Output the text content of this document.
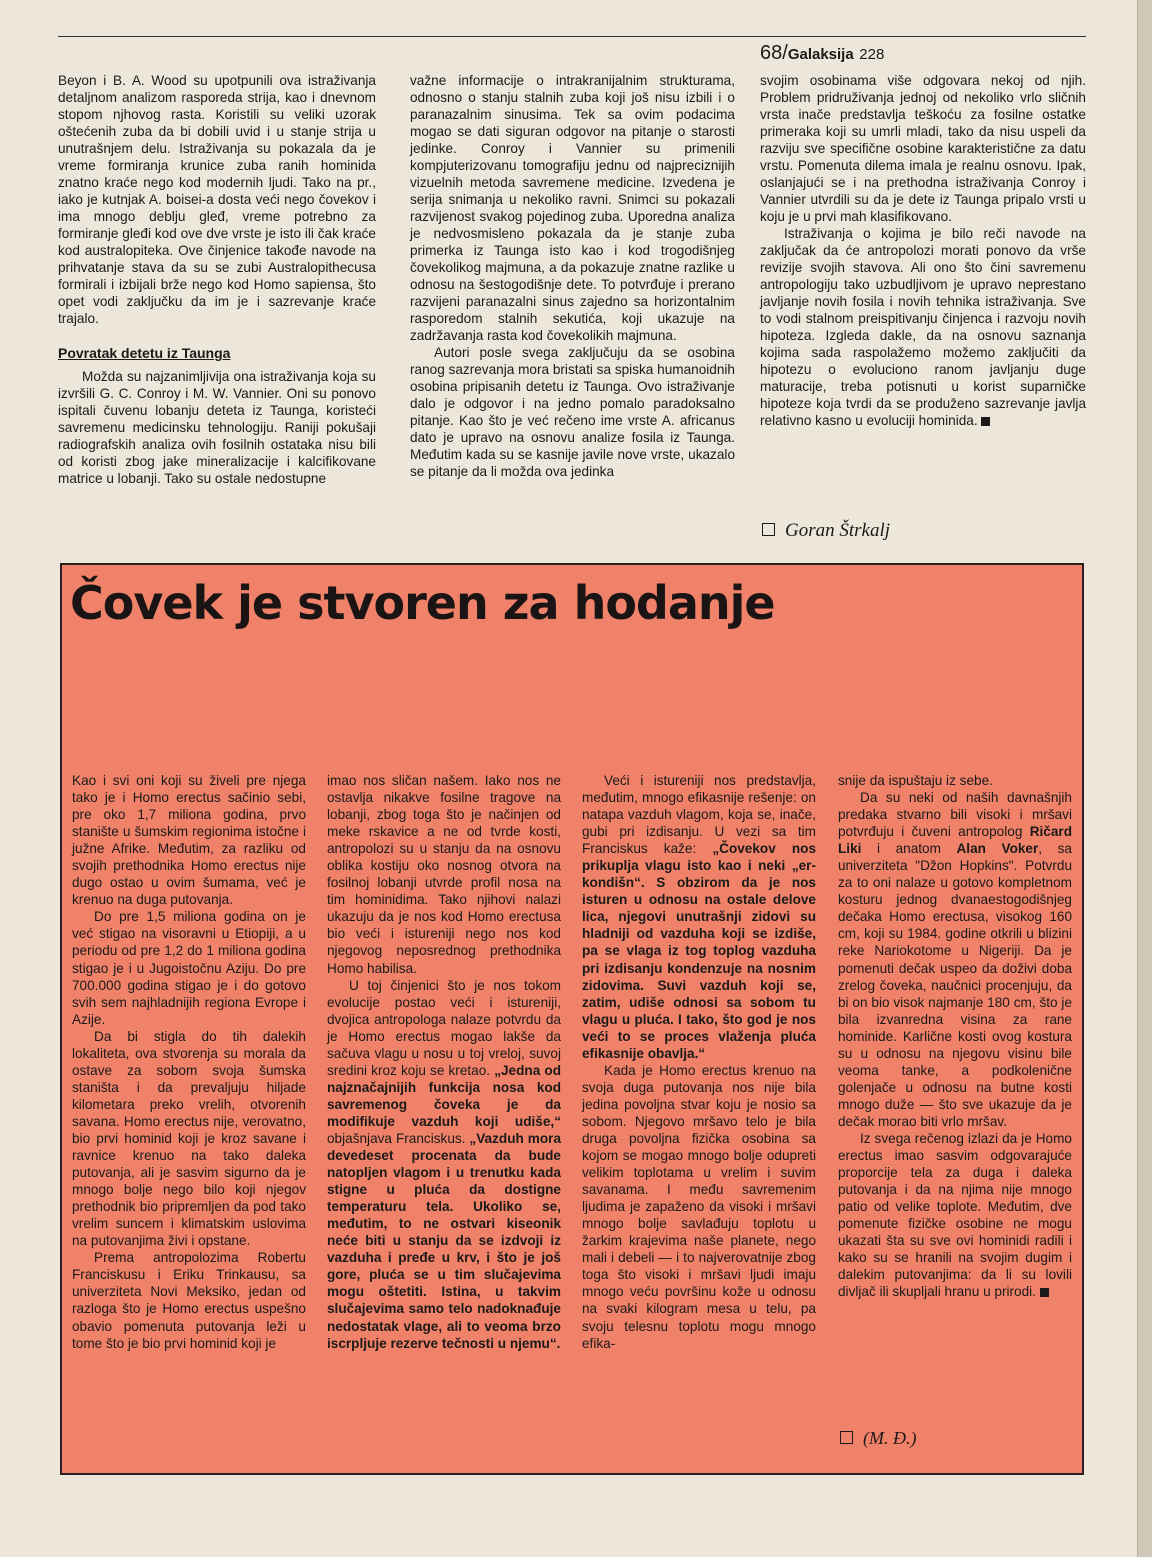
68/Galaksija 228

Beyon i B. A. Wood su upotpunili ova istraživanja detaljnom analizom rasporeda strija, kao i dnevnom stopom njhovog rasta. Koristili su veliki uzorak oštećenih zuba da bi dobili uvid i u stanje strija u unutrašnjem delu. Istraživanja su pokazala da je vreme formiranja krunice zuba ranih hominida znatno kraće nego kod modernih ljudi. Tako na pr., iako je kutnjak A. boisei-a dosta veći nego čovekov i ima mnogo deblju gleđ, vreme potrebno za formiranje gleđi kod ove dve vrste je isto ili čak kraće kod australopiteka. Ove činjenice takođe navode na prihvatanje stava da su se zubi Australopithecusa formirali i izbijali brže nego kod Homo sapiensa, što opet vodi zaključku da im je i sazrevanje kraće trajalo.

Povratak detetu iz Taunga

Možda su najzanimljivija ona istraživanja koja su izvršili G. C. Conroy i M. W. Vannier. Oni su ponovo ispitali čuvenu lobanju deteta iz Taunga, koristeći savremenu medicinsku tehnologiju. Raniji pokušaji radiografskih analiza ovih fosilnih ostataka nisu bili od koristi zbog jake mineralizacije i kalcifikovane matrice u lobanji. Tako su ostale nedostupne

važne informacije o intrakranijalnim strukturama, odnosno o stanju stalnih zuba koji još nisu izbili i o paranazalnim sinusima. Tek sa ovim podacima mogao se dati siguran odgovor na pitanje o starosti jedinke. Conroy i Vannier su primenili kompjuterizovanu tomografiju jednu od najpreciznijih vizuelnih metoda savremene medicine. Izvedena je serija snimanja u nekoliko ravni. Snimci su pokazali razvijenost svakog pojedinog zuba. Uporedna analiza je nedvosmisleno pokazala da je stanje zuba primerka iz Taunga isto kao i kod trogodišnjeg čovekolikog majmuna, a da pokazuje znatne razlike u odnosu na šestogodišnje dete. To potvrđuje i prerano razvijeni paranazalni sinus zajedno sa horizontalnim rasporedom stalnih sekutića, koji ukazuje na zadržavanja rasta kod čovekolikih majmuna.

Autori posle svega zaključuju da se osobina ranog sazrevanja mora bristati sa spiska humanoidnih osobina pripisanih detetu iz Taunga. Ovo istraživanje dalo je odgovor i na jedno pomalo paradoksalno pitanje. Kao što je već rečeno ime vrste A. africanus dato je upravo na osnovu analize fosila iz Taunga. Međutim kada su se kasnije javile nove vrste, ukazalo se pitanje da li možda ova jedinka

svojim osobinama više odgovara nekoj od njih. Problem pridruživanja jednoj od nekoliko vrlo sličnih vrsta inače predstavlja teškoću za fosilne ostatke primeraka koji su umrli mladi, tako da nisu uspeli da razviju sve specifične osobine karakteristične za datu vrstu. Pomenuta dilema imala je realnu osnovu. Ipak, oslanjajući se i na prethodna istraživanja Conroy i Vannier utvrdili su da je dete iz Taunga pripalo vrsti u koju je u prvi mah klasifikovano.

Istraživanja o kojima je bilo reči navode na zaključak da će antropolozi morati ponovo da vrše revizije svojih stavova. Ali ono što čini savremenu antropologiju tako uzbudljivom je upravo neprestano javljanje novih fosila i novih tehnika istraživanja. Sve to vodi stalnom preispitivanju činjenca i razvoju novih hipoteza. Izgleda dakle, da na osnovu saznanja kojima sada raspolažemo možemo zaključiti da hipotezu o evoluciono ranom javljanju duge maturacije, treba potisnuti u korist suparničke hipoteze koja tvrdi da se produženo sazrevanje javlja relativno kasno u evoluciji hominida.

Goran Štrkalj
Čovek je stvoren za hodanje

Kao i svi oni koji su živeli pre njega tako je i Homo erectus sačinio sebi, pre oko 1,7 miliona godina, prvo stanište u šumskim regionima istočne i južne Afrike. Međutim, za razliku od svojih prethodnika Homo erectus nije dugo ostao u ovim šumama, već je krenuo na duga putovanja.

Do pre 1,5 miliona godina on je već stigao na visoravni u Etiopiji, a u periodu od pre 1,2 do 1 miliona godina stigao je i u Jugoistočnu Aziju. Do pre 700.000 godina stigao je i do gotovo svih sem najhladnijih regiona Evrope i Azije.

Da bi stigla do tih dalekih lokaliteta, ova stvorenja su morala da ostave za sobom svoja šumska staništa i da prevaljuju hiljade kilometara preko vrelih, otvorenih savana. Homo erectus nije, verovatno, bio prvi hominid koji je kroz savane i ravnice krenuo na tako daleka putovanja, ali je sasvim sigurno da je mnogo bolje nego bilo koji njegov prethodnik bio pripremljen da pod tako vrelim suncem i klimatskim uslovima na putovanjima živi i opstane.

Prema antropolozima Robertu Franciskusu i Eriku Trinkausu, sa univerziteta Novi Meksiko, jedan od razloga što je Homo erectus uspešno obavio pomenuta putovanja leži u tome što je bio prvi hominid koji je

imao nos sličan našem. Iako nos ne ostavlja nikakve fosilne tragove na lobanji, zbog toga što je načinjen od meke rskavice a ne od tvrde kosti, antropolozi su u stanju da na osnovu oblika kostiju oko nosnog otvora na fosilnoj lobanji utvrde profil nosa na tim hominidima. Tako njihovi nalazi ukazuju da je nos kod Homo erectusa bio veći i istureniji nego nos kod njegovog neposrednog prethodnika Homo habilisa.

U toj činjenici što je nos tokom evolucije postao veći i istureniji, dvojica antropologa nalaze potvrdu da je Homo erectus mogao lakše da sačuva vlagu u nosu u toj vreloj, suvoj sredini kroz koju se kretao. „Jedna od najznačajnijih funkcija nosa kod savremenog čoveka je da modifikuje vazduh koji udiše,“ objašnjava Franciskus. „Vazduh mora devedeset procenata da bude natopljen vlagom i u trenutku kada stigne u pluća da dostigne temperaturu tela. Ukoliko se, međutim, to ne ostvari kiseonik neće biti u stanju da se izdvoji iz vazduha i pređe u krv, i što je još gore, pluća se u tim slučajevima mogu oštetiti. Istina, u takvim slučajevima samo telo nadoknađuje nedostatak vlage, ali to veoma brzo iscrpljuje rezerve tečnosti u njemu“.

Veći i istureniji nos predstavlja, međutim, mnogo efikasnije rešenje: on natapa vazduh vlagom, koja se, inače, gubi pri izdisanju. U vezi sa tim Franciskus kaže: „Čovekov nos prikuplja vlagu isto kao i neki „er-kondišn“. S obzirom da je nos isturen u odnosu na ostale delove lica, njegovi unutrašnji zidovi su hladniji od vazduha koji se izdiše, pa se vlaga iz tog toplog vazduha pri izdisanju kondenzuje na nosnim zidovima. Suvi vazduh koji se, zatim, udiše odnosi sa sobom tu vlagu u pluća. I tako, što god je nos veći to se proces vlaženja pluća efikasnije obavlja.“

Kada je Homo erectus krenuo na svoja duga putovanja nos nije bila jedina povoljna stvar koju je nosio sa sobom. Njegovo mršavo telo je bila druga povoljna fizička osobina sa kojom se mogao mnogo bolje odupreti velikim toplotama u vrelim i suvim savanama. I među savremenim ljudima je zapaženo da visoki i mršavi mnogo bolje savlađuju toplotu u žarkim krajevima naše planete, nego mali i debeli — i to najverovatnije zbog toga što visoki i mršavi ljudi imaju mnogo veću površinu kože u odnosu na svaki kilogram mesa u telu, pa svoju telesnu toplotu mogu mnogo efika-

snije da ispuštaju iz sebe.

Da su neki od naših davnašnjih predaka stvarno bili visoki i mršavi potvrđuju i čuveni antropolog Ričard Liki i anatom Alan Voker, sa univerziteta "Džon Hopkins". Potvrdu za to oni nalaze u gotovo kompletnom kosturu jednog dvanaestogodišnjeg dečaka Homo erectusa, visokog 160 cm, koji su 1984. godine otkrili u blizini reke Nariokotome u Nigeriji. Da je pomenuti dečak uspeo da doživi doba zrelog čoveka, naučnici procenjuju, da bi on bio visok najmanje 180 cm, što je bila izvanredna visina za rane hominide. Karlične kosti ovog kostura su u odnosu na njegovu visinu bile veoma tanke, a podkolenične golenjače u odnosu na butne kosti mnogo duže — što sve ukazuje da je dečak morao biti vrlo mršav.

Iz svega rečenog izlazi da je Homo erectus imao sasvim odgovarajuće proporcije tela za duga i daleka putovanja i da na njima nije mnogo patio od velike toplote. Međutim, dve pomenute fizičke osobine ne mogu ukazati šta su sve ovi hominidi radili i kako su se hranili na svojim dugim i dalekim putovanjima: da li su lovili divljač ili skupljali hranu u prirodi.

(M. Đ.)
